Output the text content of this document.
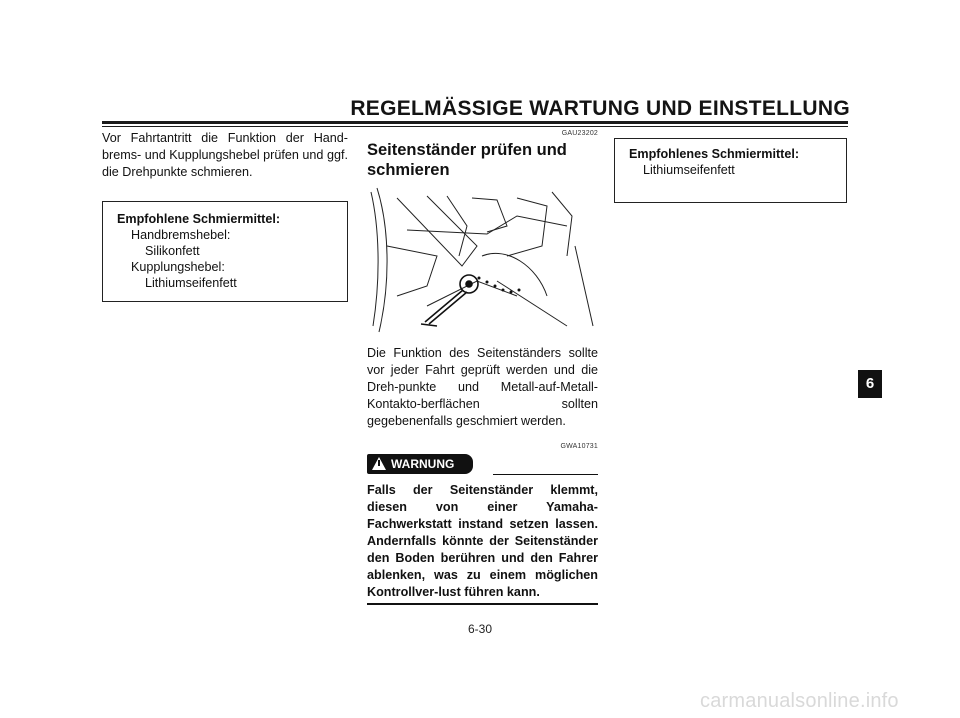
REGELMÄSSIGE WARTUNG UND EINSTELLUNG

Vor Fahrtantritt die Funktion der Hand-brems- und Kupplungshebel prüfen und ggf. die Drehpunkte schmieren.

Empfohlene Schmiermittel:
Handbremshebel:
Silikonfett
Kupplungshebel:
Lithiumseifenfett
GAU23202
Seitenständer prüfen und schmieren

Die Funktion des Seitenständers sollte vor jeder Fahrt geprüft werden und die Dreh-punkte und Metall-auf-Metall-Kontakto-berflächen sollten gegebenenfalls geschmiert werden.

GWA10731
WARNUNG
Falls der Seitenständer klemmt, diesen von einer Yamaha-Fachwerkstatt instand setzen lassen. Andernfalls könnte der Seitenständer den Boden berühren und den Fahrer ablenken, was zu einem möglichen Kontrollver-lust führen kann.
Empfohlenes Schmiermittel:
Lithiumseifenfett
6
6-30
carmanualsonline.info
